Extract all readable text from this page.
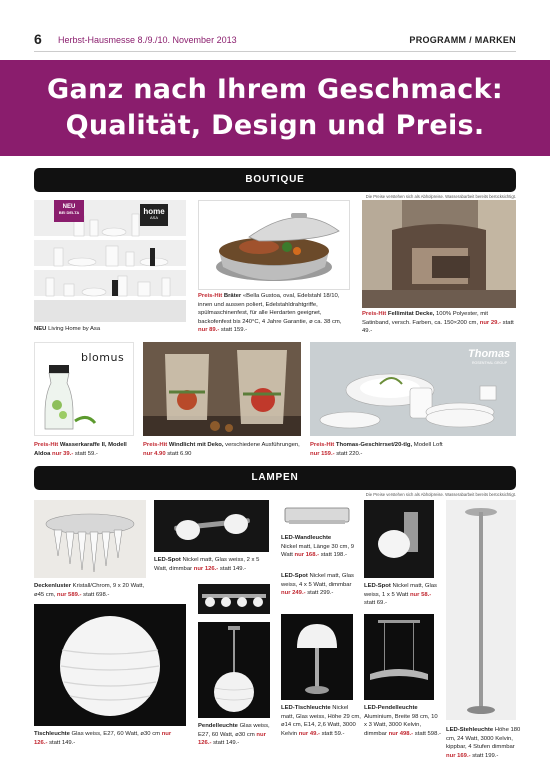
6 Herbst-Hausmesse 8./9./10. November 2013	PROGRAMM / MARKEN
Ganz nach Ihrem Geschmack:
Qualität, Design und Preis.
BOUTIQUE
Die Preise verstehen sich als Abholpreise. Wasserabarbeit bereits berücksichtigt.
NEU
BEI DELTA	home
ASA
NEU Living Home by Asa
Preis-Hit Bräter «Bella Gustoa, oval, Edelstahl 18/10, innen und aussen poliert, Edelstahldrahtgriffe, spülmaschinenfest, für alle Herdarten geeignet, backofenfest bis 240°C, 4 Jahre Garantie, ø ca. 38 cm, nur 89.- statt 159.-
Preis-Hit Fellimitat Decke, 100% Polyester, mit Satinband, versch. Farben, ca. 150×200 cm, nur 29.- statt 49.-
blomus
Preis-Hit Wasserkaraffe II, Modell Aldoa nur 39.- statt 59.-
Preis-Hit Windlicht mit Deko, verschiedene Ausführungen, nur 4.90 statt 6.90
Thomas
ROSENTHAL GROUP
Preis-Hit Thomas-Geschirrset/20-tlg, Modell Loft
nur 159.- statt 220.-
LAMPEN
Die Preise verstehen sich als Abholpreise. Wasserabarbeit bereits berücksichtigt.
Deckenluster Kristall/Chrom, 9 x 20 Watt, ø45 cm, nur 589.- statt 698.-
LED-Spot Nickel matt, Glas weiss, 2 x 5 Watt, dimmbar nur 126.- statt 149.-
LED-Wandleuchte
Nickel matt, Länge 30 cm, 9 Watt nur 168.- statt 198.-
LED-Spot Nickel matt, Glas weiss, 4 x 5 Watt, dimmbar nur 249.- statt 299.-
LED-Spot Nickel matt, Glas weiss, 1 x 5 Watt nur 58.- statt 69.-
LED-Stehleuchte Höhe 180 cm, 24 Watt, 3000 Kelvin, kippbar, 4 Stufen dimmbar nur 169.- statt 199.-
Tischleuchte Glas weiss, E27, 60 Watt, ø30 cm nur 126.- statt 149.-
Pendelleuchte Glas weiss, E27, 60 Watt, ø30 cm nur 126.- statt 149.-
LED-Tischleuchte Nickel matt, Glas weiss, Höhe 29 cm, ø14 cm, E14, 2,6 Watt, 3000 Kelvin nur 49.- statt 59.-
LED-Pendelleuchte Aluminium, Breite 98 cm, 10 x 3 Watt, 3000 Kelvin, dimmbar nur 498.- statt 598.-
